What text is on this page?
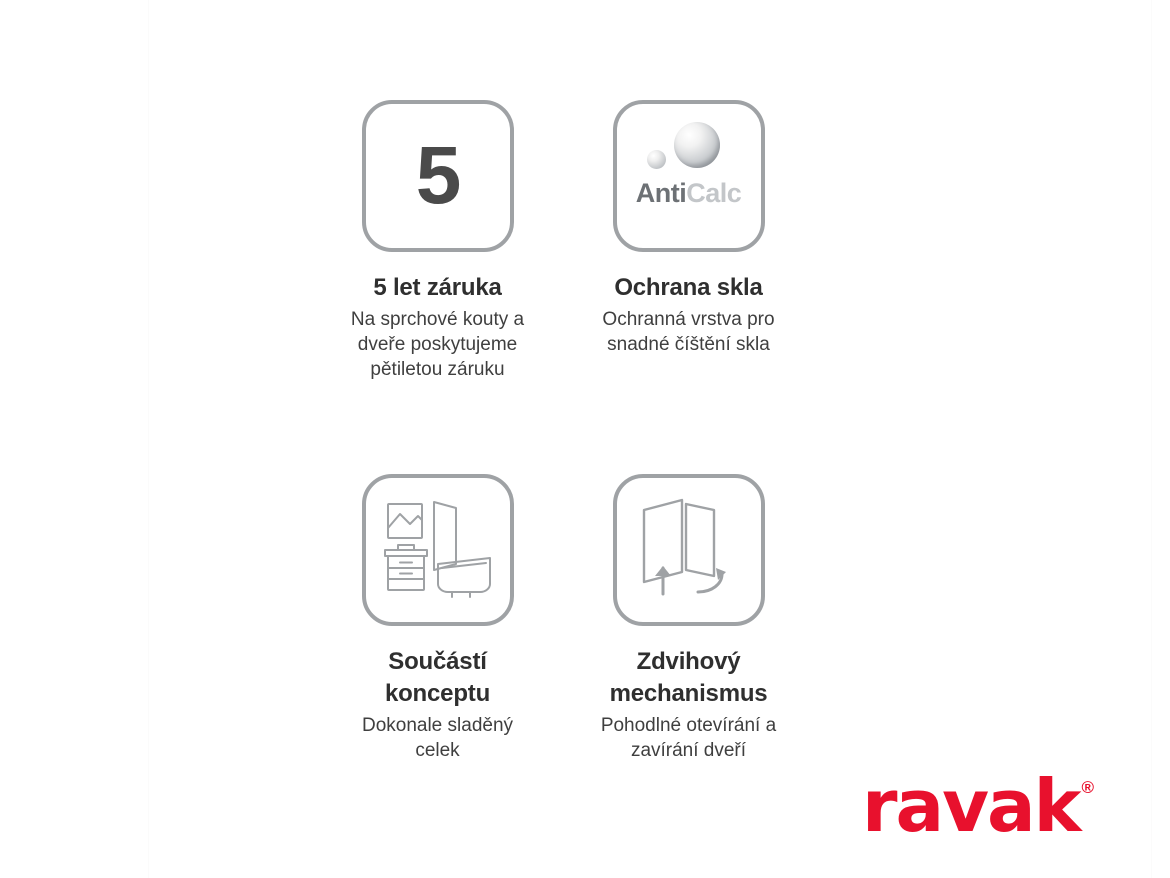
5
5 let záruka
Na sprchové kouty a dveře poskytujeme pětiletou záruku
AntiCalc
Ochrana skla
Ochranná vrstva pro snadné číštění skla
Součástí konceptu
Dokonale sladěný celek
Zdvihový mechanismus
Pohodlné otevírání a zavírání dveří
ravak ®
